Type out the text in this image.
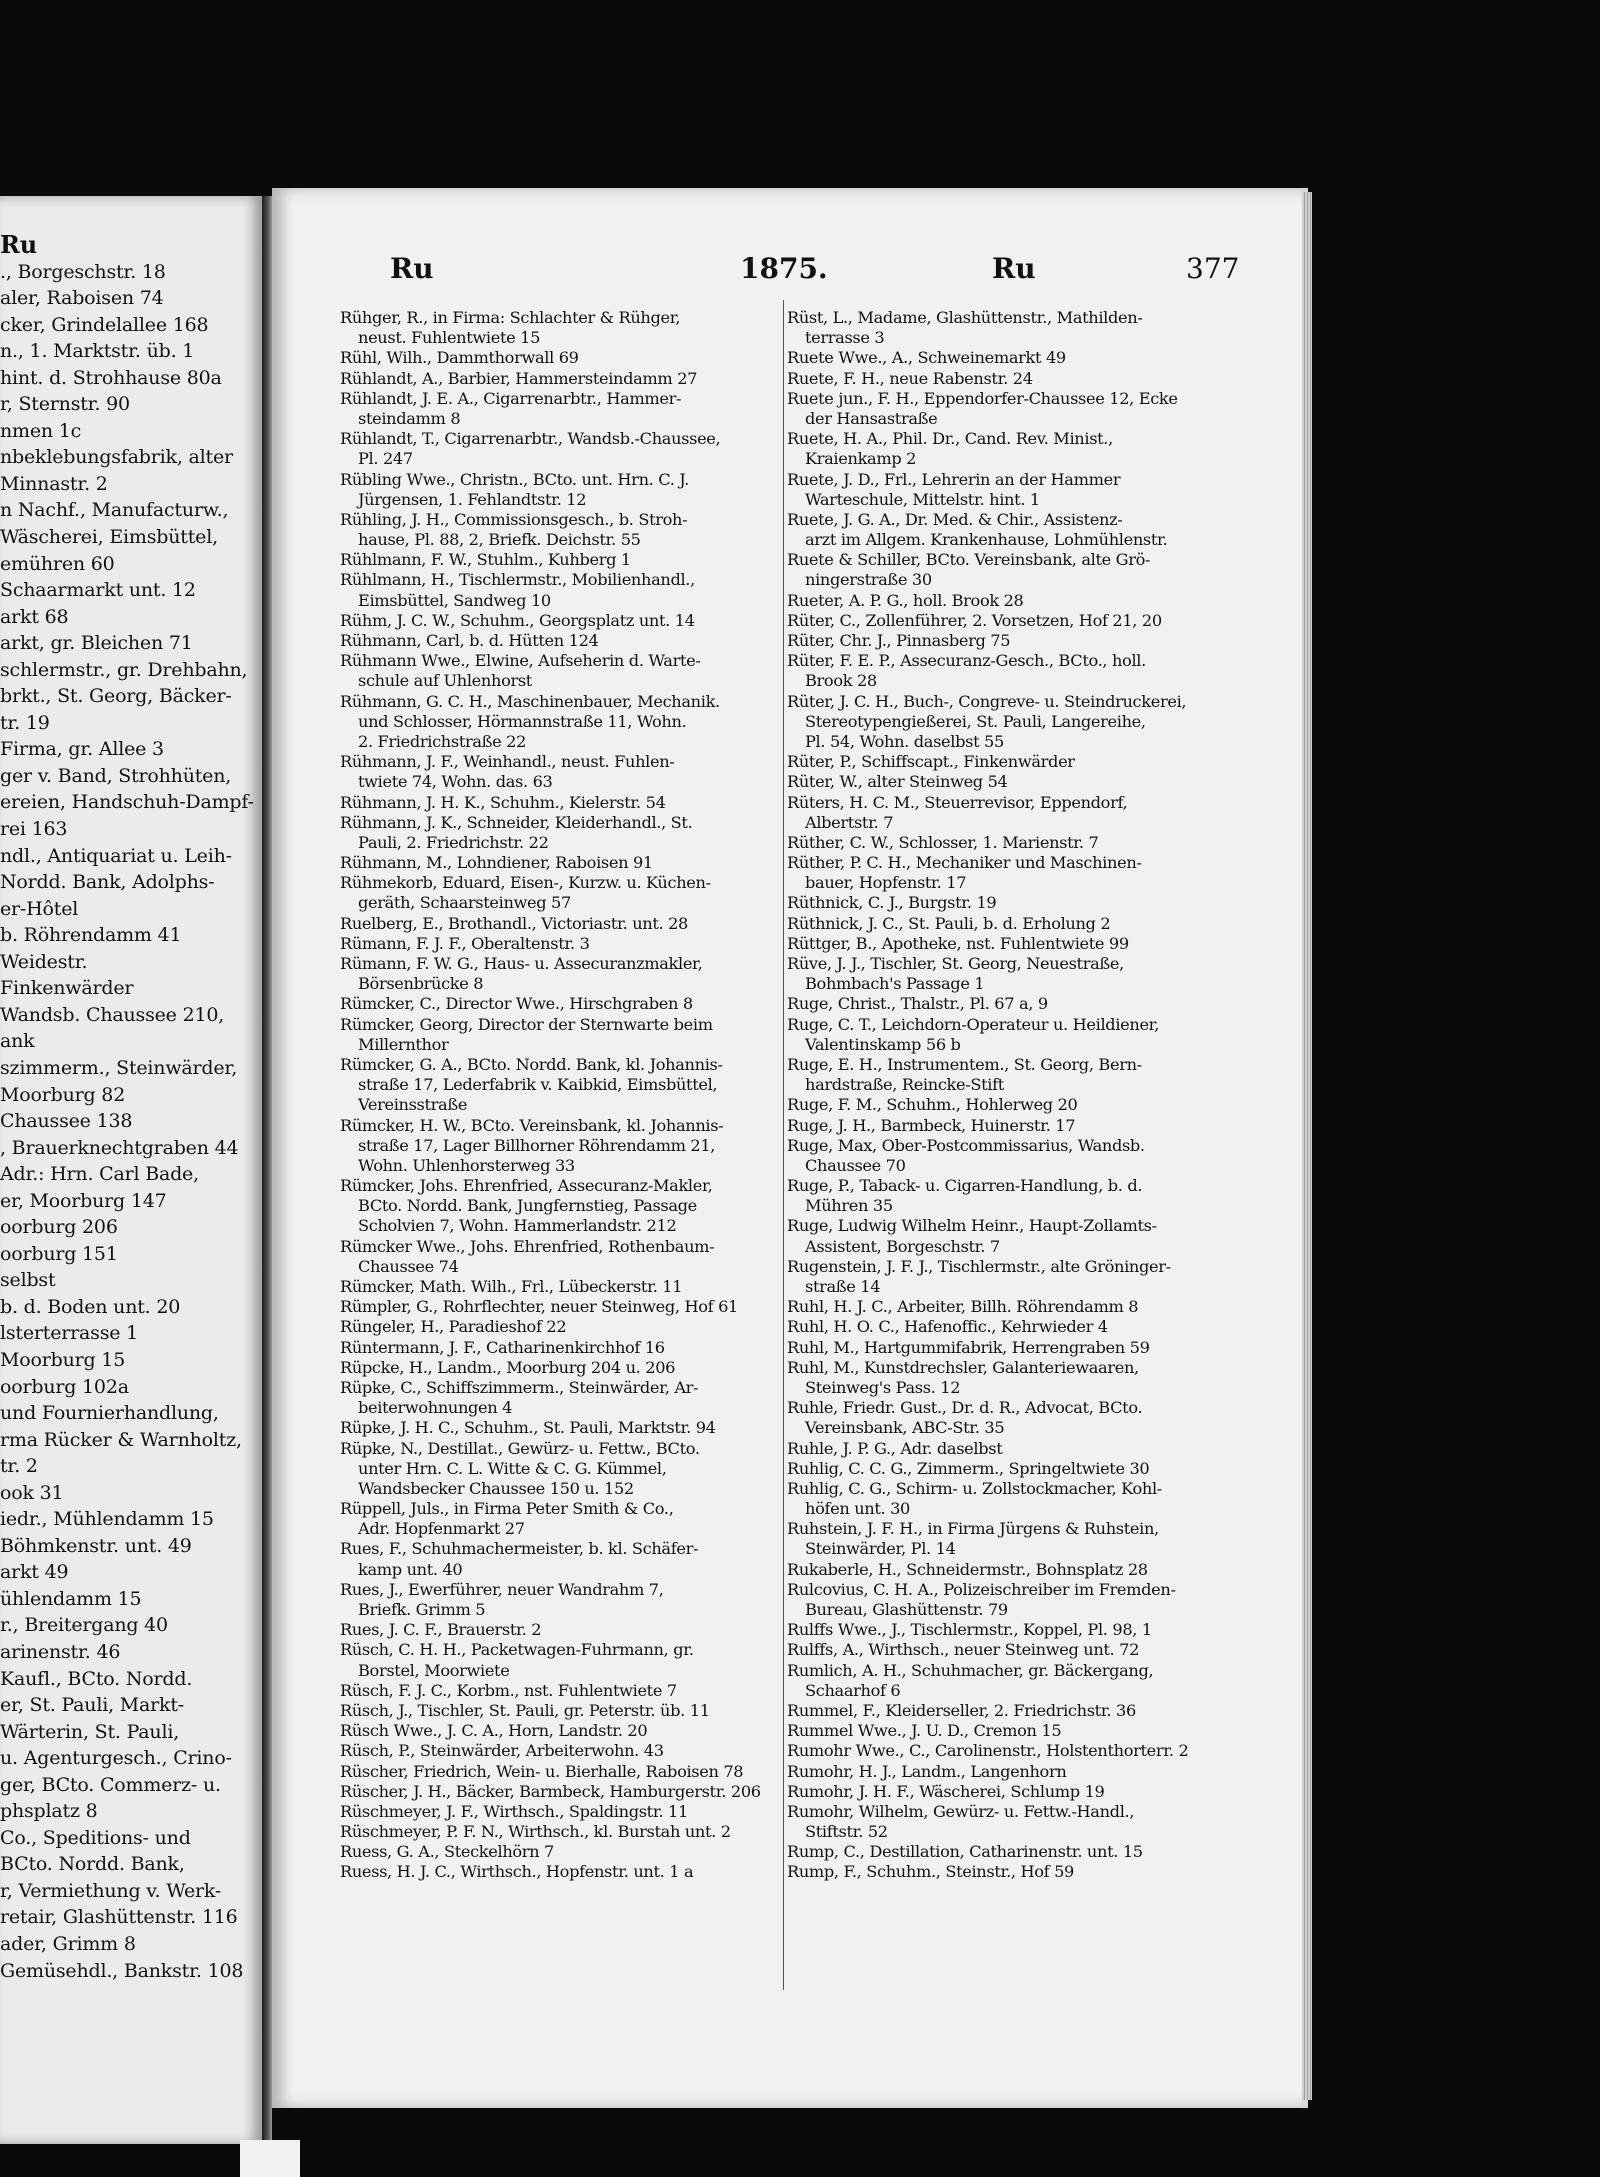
Ru
., Borgeschstr. 18
aler, Raboisen 74
cker, Grindelallee 168
n., 1. Marktstr. üb. 1
hint. d. Strohhause 80a
r, Sternstr. 90
nmen 1c
nbeklebungsfabrik, alter
Minnastr. 2
n Nachf., Manufacturw.,
Wäscherei, Eimsbüttel,
emühren 60
Schaarmarkt unt. 12
arkt 68
arkt, gr. Bleichen 71
schlermstr., gr. Drehbahn,
brkt., St. Georg, Bäcker-
tr. 19
Firma, gr. Allee 3
ger v. Band, Strohhüten,
ereien, Handschuh-Dampf-
rei 163
ndl., Antiquariat u. Leih-
Nordd. Bank, Adolphs-
er-Hôtel
b. Röhrendamm 41
Weidestr.
Finkenwärder
Wandsb. Chaussee 210,
ank
szimmerm., Steinwärder,
Moorburg 82
Chaussee 138
, Brauerknechtgraben 44
Adr.: Hrn. Carl Bade,
er, Moorburg 147
oorburg 206
oorburg 151
selbst
b. d. Boden unt. 20
lsterterrasse 1
Moorburg 15
oorburg 102a
und Fournierhandlung,
rma Rücker & Warnholtz,
tr. 2
ook 31
iedr., Mühlendamm 15
Böhmkenstr. unt. 49
arkt 49
ühlendamm 15
r., Breitergang 40
arinenstr. 46
Kaufl., BCto. Nordd.
er, St. Pauli, Markt-
Wärterin, St. Pauli,
u. Agenturgesch., Crino-
ger, BCto. Commerz- u.
phsplatz 8
Co., Speditions- und
BCto. Nordd. Bank,
r, Vermiethung v. Werk-
retair, Glashüttenstr. 116
ader, Grimm 8
Gemüsehdl., Bankstr. 108
Ru	1875.	Ru	377
Rühger, R., in Firma: Schlachter & Rühger,
neust. Fuhlentwiete 15
Rühl, Wilh., Dammthorwall 69
Rühlandt, A., Barbier, Hammersteindamm 27
Rühlandt, J. E. A., Cigarrenarbtr., Hammer-
steindamm 8
Rühlandt, T., Cigarrenarbtr., Wandsb.-Chaussee,
Pl. 247
Rübling Wwe., Christn., BCto. unt. Hrn. C. J.
Jürgensen, 1. Fehlandtstr. 12
Rühling, J. H., Commissionsgesch., b. Stroh-
hause, Pl. 88, 2, Briefk. Deichstr. 55
Rühlmann, F. W., Stuhlm., Kuhberg 1
Rühlmann, H., Tischlermstr., Mobilienhandl.,
Eimsbüttel, Sandweg 10
Rühm, J. C. W., Schuhm., Georgsplatz unt. 14
Rühmann, Carl, b. d. Hütten 124
Rühmann Wwe., Elwine, Aufseherin d. Warte-
schule auf Uhlenhorst
Rühmann, G. C. H., Maschinenbauer, Mechanik.
und Schlosser, Hörmannstraße 11, Wohn.
2. Friedrichstraße 22
Rühmann, J. F., Weinhandl., neust. Fuhlen-
twiete 74, Wohn. das. 63
Rühmann, J. H. K., Schuhm., Kielerstr. 54
Rühmann, J. K., Schneider, Kleiderhandl., St.
Pauli, 2. Friedrichstr. 22
Rühmann, M., Lohndiener, Raboisen 91
Rühmekorb, Eduard, Eisen-, Kurzw. u. Küchen-
geräth, Schaarsteinweg 57
Ruelberg, E., Brothandl., Victoriastr. unt. 28
Rümann, F. J. F., Oberaltenstr. 3
Rümann, F. W. G., Haus- u. Assecuranzmakler,
Börsenbrücke 8
Rümcker, C., Director Wwe., Hirschgraben 8
Rümcker, Georg, Director der Sternwarte beim
Millernthor
Rümcker, G. A., BCto. Nordd. Bank, kl. Johannis-
straße 17, Lederfabrik v. Kaibkid, Eimsbüttel,
Vereinsstraße
Rümcker, H. W., BCto. Vereinsbank, kl. Johannis-
straße 17, Lager Billhorner Röhrendamm 21,
Wohn. Uhlenhorsterweg 33
Rümcker, Johs. Ehrenfried, Assecuranz-Makler,
BCto. Nordd. Bank, Jungfernstieg, Passage
Scholvien 7, Wohn. Hammerlandstr. 212
Rümcker Wwe., Johs. Ehrenfried, Rothenbaum-
Chaussee 74
Rümcker, Math. Wilh., Frl., Lübeckerstr. 11
Rümpler, G., Rohrflechter, neuer Steinweg, Hof 61
Rüngeler, H., Paradieshof 22
Rüntermann, J. F., Catharinenkirchhof 16
Rüpcke, H., Landm., Moorburg 204 u. 206
Rüpke, C., Schiffszimmerm., Steinwärder, Ar-
beiterwohnungen 4
Rüpke, J. H. C., Schuhm., St. Pauli, Marktstr. 94
Rüpke, N., Destillat., Gewürz- u. Fettw., BCto.
unter Hrn. C. L. Witte & C. G. Kümmel,
Wandsbecker Chaussee 150 u. 152
Rüppell, Juls., in Firma Peter Smith & Co.,
Adr. Hopfenmarkt 27
Rues, F., Schuhmachermeister, b. kl. Schäfer-
kamp unt. 40
Rues, J., Ewerführer, neuer Wandrahm 7,
Briefk. Grimm 5
Rues, J. C. F., Brauerstr. 2
Rüsch, C. H. H., Packetwagen-Fuhrmann, gr.
Borstel, Moorwiete
Rüsch, F. J. C., Korbm., nst. Fuhlentwiete 7
Rüsch, J., Tischler, St. Pauli, gr. Peterstr. üb. 11
Rüsch Wwe., J. C. A., Horn, Landstr. 20
Rüsch, P., Steinwärder, Arbeiterwohn. 43
Rüscher, Friedrich, Wein- u. Bierhalle, Raboisen 78
Rüscher, J. H., Bäcker, Barmbeck, Hamburgerstr. 206
Rüschmeyer, J. F., Wirthsch., Spaldingstr. 11
Rüschmeyer, P. F. N., Wirthsch., kl. Burstah unt. 2
Ruess, G. A., Steckelhörn 7
Ruess, H. J. C., Wirthsch., Hopfenstr. unt. 1 a
Rüst, L., Madame, Glashüttenstr., Mathilden-
terrasse 3
Ruete Wwe., A., Schweinemarkt 49
Ruete, F. H., neue Rabenstr. 24
Ruete jun., F. H., Eppendorfer-Chaussee 12, Ecke
der Hansastraße
Ruete, H. A., Phil. Dr., Cand. Rev. Minist.,
Kraienkamp 2
Ruete, J. D., Frl., Lehrerin an der Hammer
Warteschule, Mittelstr. hint. 1
Ruete, J. G. A., Dr. Med. & Chir., Assistenz-
arzt im Allgem. Krankenhause, Lohmühlenstr.
Ruete & Schiller, BCto. Vereinsbank, alte Grö-
ningerstraße 30
Rueter, A. P. G., holl. Brook 28
Rüter, C., Zollenführer, 2. Vorsetzen, Hof 21, 20
Rüter, Chr. J., Pinnasberg 75
Rüter, F. E. P., Assecuranz-Gesch., BCto., holl.
Brook 28
Rüter, J. C. H., Buch-, Congreve- u. Steindruckerei,
Stereotypengießerei, St. Pauli, Langereihe,
Pl. 54, Wohn. daselbst 55
Rüter, P., Schiffscapt., Finkenwärder
Rüter, W., alter Steinweg 54
Rüters, H. C. M., Steuerrevisor, Eppendorf,
Albertstr. 7
Rüther, C. W., Schlosser, 1. Marienstr. 7
Rüther, P. C. H., Mechaniker und Maschinen-
bauer, Hopfenstr. 17
Rüthnick, C. J., Burgstr. 19
Rüthnick, J. C., St. Pauli, b. d. Erholung 2
Rüttger, B., Apotheke, nst. Fuhlentwiete 99
Rüve, J. J., Tischler, St. Georg, Neuestraße,
Bohmbach's Passage 1
Ruge, Christ., Thalstr., Pl. 67 a, 9
Ruge, C. T., Leichdorn-Operateur u. Heildiener,
Valentinskamp 56 b
Ruge, E. H., Instrumentem., St. Georg, Bern-
hardstraße, Reincke-Stift
Ruge, F. M., Schuhm., Hohlerweg 20
Ruge, J. H., Barmbeck, Huinerstr. 17
Ruge, Max, Ober-Postcommissarius, Wandsb.
Chaussee 70
Ruge, P., Taback- u. Cigarren-Handlung, b. d.
Mühren 35
Ruge, Ludwig Wilhelm Heinr., Haupt-Zollamts-
Assistent, Borgeschstr. 7
Rugenstein, J. F. J., Tischlermstr., alte Gröninger-
straße 14
Ruhl, H. J. C., Arbeiter, Billh. Röhrendamm 8
Ruhl, H. O. C., Hafenoffic., Kehrwieder 4
Ruhl, M., Hartgummifabrik, Herrengraben 59
Ruhl, M., Kunstdrechsler, Galanteriewaaren,
Steinweg's Pass. 12
Ruhle, Friedr. Gust., Dr. d. R., Advocat, BCto.
Vereinsbank, ABC-Str. 35
Ruhle, J. P. G., Adr. daselbst
Ruhlig, C. C. G., Zimmerm., Springeltwiete 30
Ruhlig, C. G., Schirm- u. Zollstockmacher, Kohl-
höfen unt. 30
Ruhstein, J. F. H., in Firma Jürgens & Ruhstein,
Steinwärder, Pl. 14
Rukaberle, H., Schneidermstr., Bohnsplatz 28
Rulcovius, C. H. A., Polizeischreiber im Fremden-
Bureau, Glashüttenstr. 79
Rulffs Wwe., J., Tischlermstr., Koppel, Pl. 98, 1
Rulffs, A., Wirthsch., neuer Steinweg unt. 72
Rumlich, A. H., Schuhmacher, gr. Bäckergang,
Schaarhof 6
Rummel, F., Kleiderseller, 2. Friedrichstr. 36
Rummel Wwe., J. U. D., Cremon 15
Rumohr Wwe., C., Carolinenstr., Holstenthorterr. 2
Rumohr, H. J., Landm., Langenhorn
Rumohr, J. H. F., Wäscherei, Schlump 19
Rumohr, Wilhelm, Gewürz- u. Fettw.-Handl.,
Stiftstr. 52
Rump, C., Destillation, Catharinenstr. unt. 15
Rump, F., Schuhm., Steinstr., Hof 59
